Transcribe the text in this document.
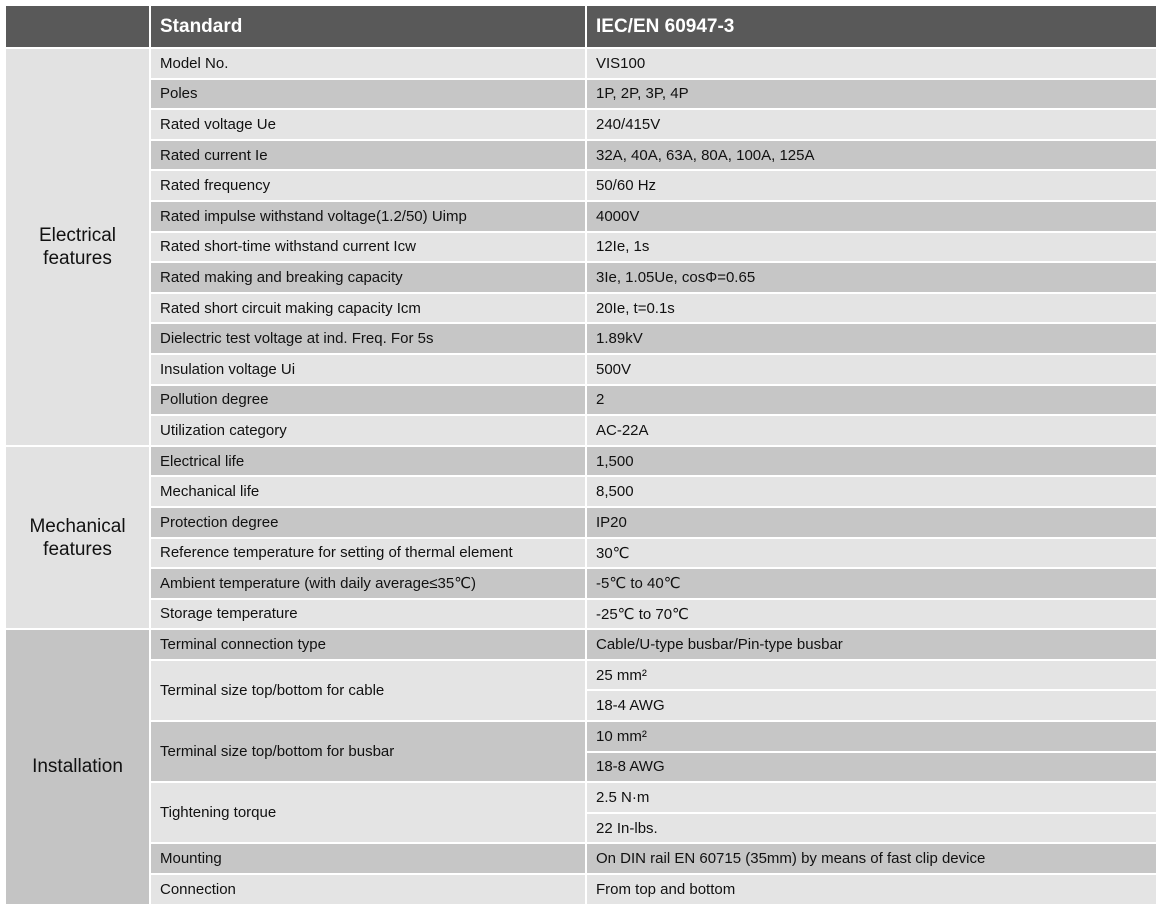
	Standard	IEC/EN 60947-3
Electrical
features	Model No.	VIS100
	Poles	1P, 2P, 3P, 4P
	Rated voltage Ue	240/415V
	Rated current Ie	32A, 40A, 63A, 80A, 100A, 125A
	Rated frequency	50/60 Hz
	Rated impulse withstand voltage(1.2/50) Uimp	4000V
	Rated short-time withstand current Icw	12Ie, 1s
	Rated making and breaking capacity	3Ie, 1.05Ue, cosΦ=0.65
	Rated short circuit making capacity Icm	20Ie, t=0.1s
	Dielectric test voltage at ind. Freq. For 5s	1.89kV
	Insulation voltage Ui	500V
	Pollution degree	2
	Utilization category	AC-22A
Mechanical
features	Electrical life	1,500
	Mechanical life	8,500
	Protection degree	IP20
	Reference temperature for setting of thermal element	30℃
	Ambient temperature (with daily average≤35℃)	-5℃ to 40℃
	Storage temperature	-25℃ to 70℃
Installation	Terminal connection type	Cable/U-type busbar/Pin-type busbar
	Terminal size top/bottom for cable	25 mm²
		18-4 AWG
	Terminal size top/bottom for busbar	10 mm²
		18-8 AWG
	Tightening torque	2.5 N·m
		22 In-lbs.
	Mounting	On DIN rail EN 60715 (35mm) by means of fast clip device
	Connection	From top and bottom
